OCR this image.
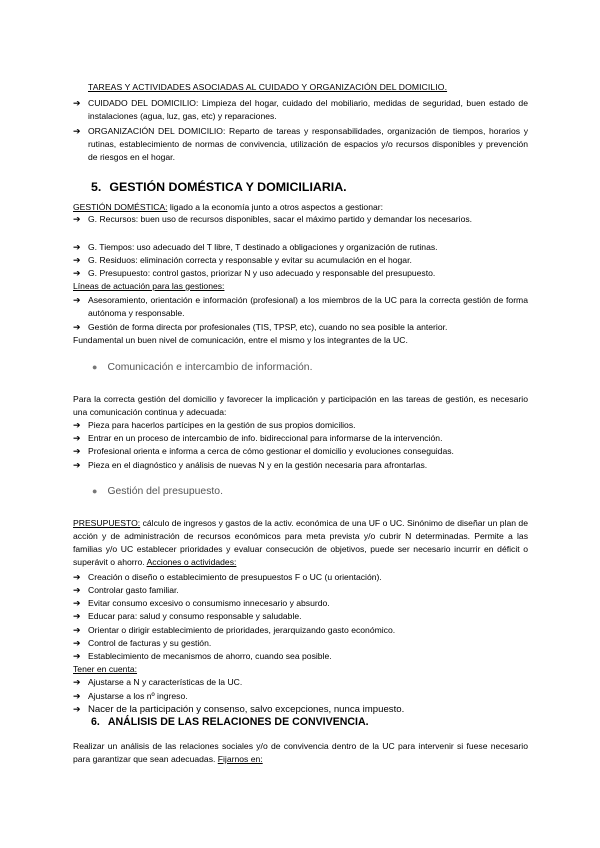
TAREAS Y ACTIVIDADES ASOCIADAS AL CUIDADO Y ORGANIZACIÓN DEL DOMICILIO.
➔ CUIDADO DEL DOMICILIO: Limpieza del hogar, cuidado del mobiliario, medidas de seguridad, buen estado de instalaciones (agua, luz, gas, etc) y reparaciones.
➔ ORGANIZACIÓN DEL DOMICILIO: Reparto de tareas y responsabilidades, organización de tiempos, horarios y rutinas, establecimiento de normas de convivencia, utilización de espacios y/o recursos disponibles y prevención de riesgos en el hogar.
5. GESTIÓN DOMÉSTICA Y DOMICILIARIA.
GESTIÓN DOMÉSTICA: ligado a la economía junto a otros aspectos a gestionar:
➔ G. Recursos: buen uso de recursos disponibles, sacar el máximo partido y demandar los necesarios.
➔ G. Tiempos: uso adecuado del T libre, T destinado a obligaciones y organización de rutinas.
➔ G. Residuos: eliminación correcta y responsable y evitar su acumulación en el hogar.
➔ G. Presupuesto: control gastos, priorizar N y uso adecuado y responsable del presupuesto.
Líneas de actuación para las gestiones:
➔ Asesoramiento, orientación e información (profesional) a los miembros de la UC para la correcta gestión de forma autónoma y responsable.
➔ Gestión de forma directa por profesionales (TIS, TPSP, etc), cuando no sea posible la anterior.
Fundamental un buen nivel de comunicación, entre el mismo y los integrantes de la UC.
● Comunicación e intercambio de información.
Para la correcta gestión del domicilio y favorecer la implicación y participación en las tareas de gestión, es necesario una comunicación continua y adecuada:
➔ Pieza para hacerlos partícipes en la gestión de sus propios domicilios.
➔ Entrar en un proceso de intercambio de info. bidireccional para informarse de la intervención.
➔ Profesional orienta e informa a cerca de cómo gestionar el domicilio y evoluciones conseguidas.
➔ Pieza en el diagnóstico y análisis de nuevas N y en la gestión necesaria para afrontarlas.
● Gestión del presupuesto.
PRESUPUESTO: cálculo de ingresos y gastos de la activ. económica de una UF o UC. Sinónimo de diseñar un plan de acción y de administración de recursos económicos para meta prevista y/o cubrir N determinadas. Permite a las familias y/o UC establecer prioridades y evaluar consecución de objetivos, puede ser necesario incurrir en déficit o superávit o ahorro. Acciones o actividades:
➔ Creación o diseño o establecimiento de presupuestos F o UC (u orientación).
➔ Controlar gasto familiar.
➔ Evitar consumo excesivo o consumismo innecesario y absurdo.
➔ Educar para: salud y consumo responsable y saludable.
➔ Orientar o dirigir establecimiento de prioridades, jerarquizando gasto económico.
➔ Control de facturas y su gestión.
➔ Establecimiento de mecanismos de ahorro, cuando sea posible.
Tener en cuenta:
➔ Ajustarse a N y características de la UC.
➔ Ajustarse a los nº ingreso.
➔ Nacer de la participación y consenso, salvo excepciones, nunca impuesto.
6. ANÁLISIS DE LAS RELACIONES DE CONVIVENCIA.
Realizar un análisis de las relaciones sociales y/o de convivencia dentro de la UC para intervenir si fuese necesario para garantizar que sean adecuadas. Fijarnos en:
